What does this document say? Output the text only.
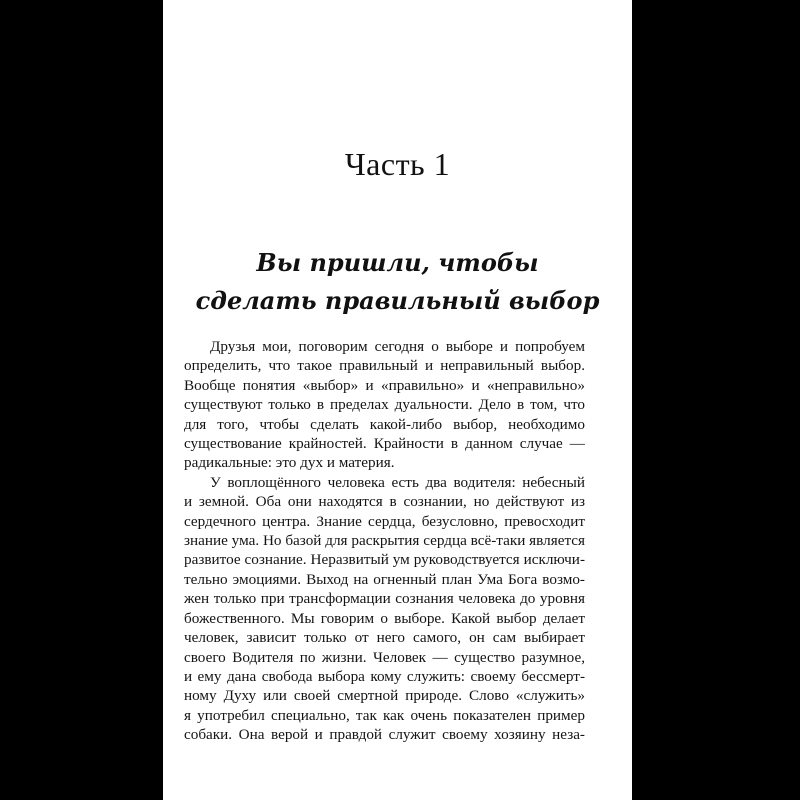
Часть 1
Вы пришли, чтобы
сделать правильный выбор
Друзья мои, поговорим сегодня о выборе и попробуем
определить, что такое правильный и неправильный выбор.
Вообще понятия «выбор» и «правильно» и «неправильно»
существуют только в пределах дуальности. Дело в том, что
для того, чтобы сделать какой-либо выбор, необходимо
существование крайностей. Крайности в данном случае —
радикальные: это дух и материя.
У воплощённого человека есть два водителя: небесный
и земной. Оба они находятся в сознании, но действуют из
сердечного центра. Знание сердца, безусловно, превосходит
знание ума. Но базой для раскрытия сердца всё-таки является
развитое сознание. Неразвитый ум руководствуется исключи-
тельно эмоциями. Выход на огненный план Ума Бога возмо-
жен только при трансформации сознания человека до уровня
божественного. Мы говорим о выборе. Какой выбор делает
человек, зависит только от него самого, он сам выбирает
своего Водителя по жизни. Человек — существо разумное,
и ему дана свобода выбора кому служить: своему бессмерт-
ному Духу или своей смертной природе. Слово «служить»
я употребил специально, так как очень показателен пример
собаки. Она верой и правдой служит своему хозяину неза-
